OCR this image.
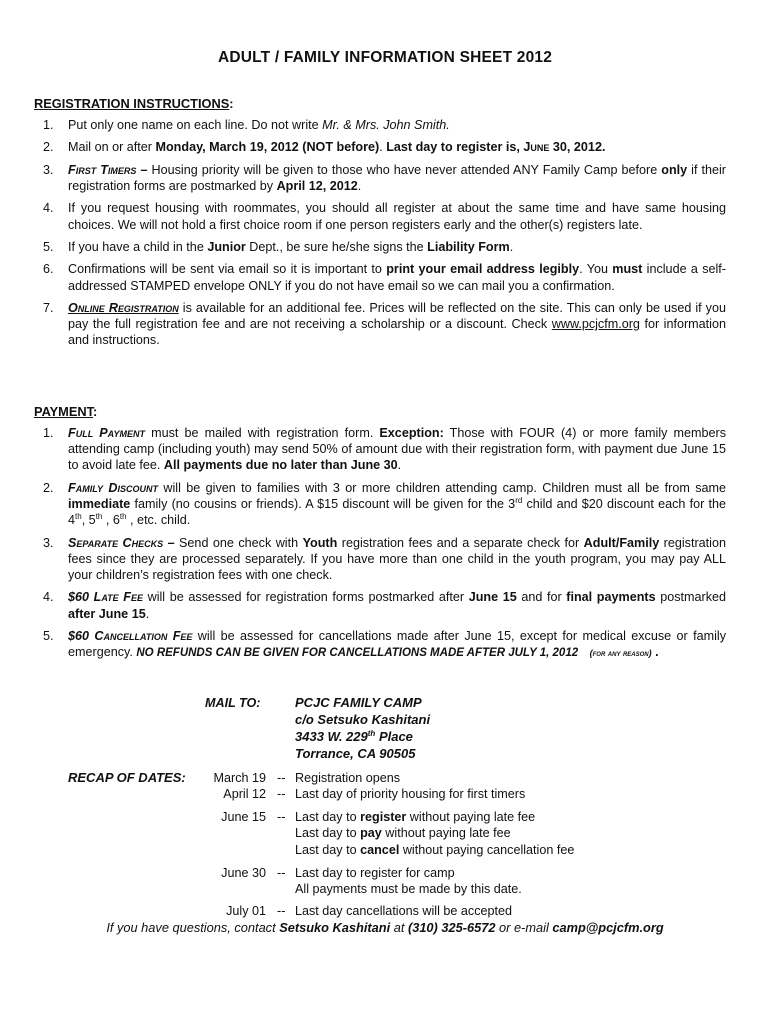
ADULT / FAMILY INFORMATION SHEET 2012
REGISTRATION INSTRUCTIONS:
1. Put only one name on each line. Do not write Mr. & Mrs. John Smith.
2. Mail on or after Monday, March 19, 2012 (NOT before). Last day to register is, June 30, 2012.
3. First Timers – Housing priority will be given to those who have never attended ANY Family Camp before only if their registration forms are postmarked by April 12, 2012.
4. If you request housing with roommates, you should all register at about the same time and have same housing choices. We will not hold a first choice room if one person registers early and the other(s) registers late.
5. If you have a child in the Junior Dept., be sure he/she signs the Liability Form.
6. Confirmations will be sent via email so it is important to print your email address legibly. You must include a self-addressed STAMPED envelope ONLY if you do not have email so we can mail you a confirmation.
7. Online Registration is available for an additional fee. Prices will be reflected on the site. This can only be used if you pay the full registration fee and are not receiving a scholarship or a discount. Check www.pcjcfm.org for information and instructions.
PAYMENT:
1. Full Payment must be mailed with registration form. Exception: Those with FOUR (4) or more family members attending camp (including youth) may send 50% of amount due with their registration form, with payment due June 15 to avoid late fee. All payments due no later than June 30.
2. Family Discount will be given to families with 3 or more children attending camp. Children must all be from same immediate family (no cousins or friends). A $15 discount will be given for the 3rd child and $20 discount each for the 4th, 5th , 6th , etc. child.
3. Separate Checks – Send one check with Youth registration fees and a separate check for Adult/Family registration fees since they are processed separately. If you have more than one child in the youth program, you may pay ALL your children’s registration fees with one check.
4. $60 Late Fee will be assessed for registration forms postmarked after June 15 and for final payments postmarked after June 15.
5. $60 Cancellation Fee will be assessed for cancellations made after June 15, except for medical excuse or family emergency. NO REFUNDS CAN BE GIVEN FOR CANCELLATIONS MADE AFTER JULY 1, 2012 (for any reason) .
MAIL TO:	PCJC FAMILY CAMP
c/o Setsuko Kashitani
3433 W. 229th Place
Torrance, CA 90505
RECAP OF DATES: March 19 -- Registration opens
April 12 -- Last day of priority housing for first timers
June 15 -- Last day to register without paying late fee
Last day to pay without paying late fee
Last day to cancel without paying cancellation fee
June 30 -- Last day to register for camp
All payments must be made by this date.
July 01 -- Last day cancellations will be accepted
If you have questions, contact Setsuko Kashitani at (310) 325-6572 or e-mail camp@pcjcfm.org
